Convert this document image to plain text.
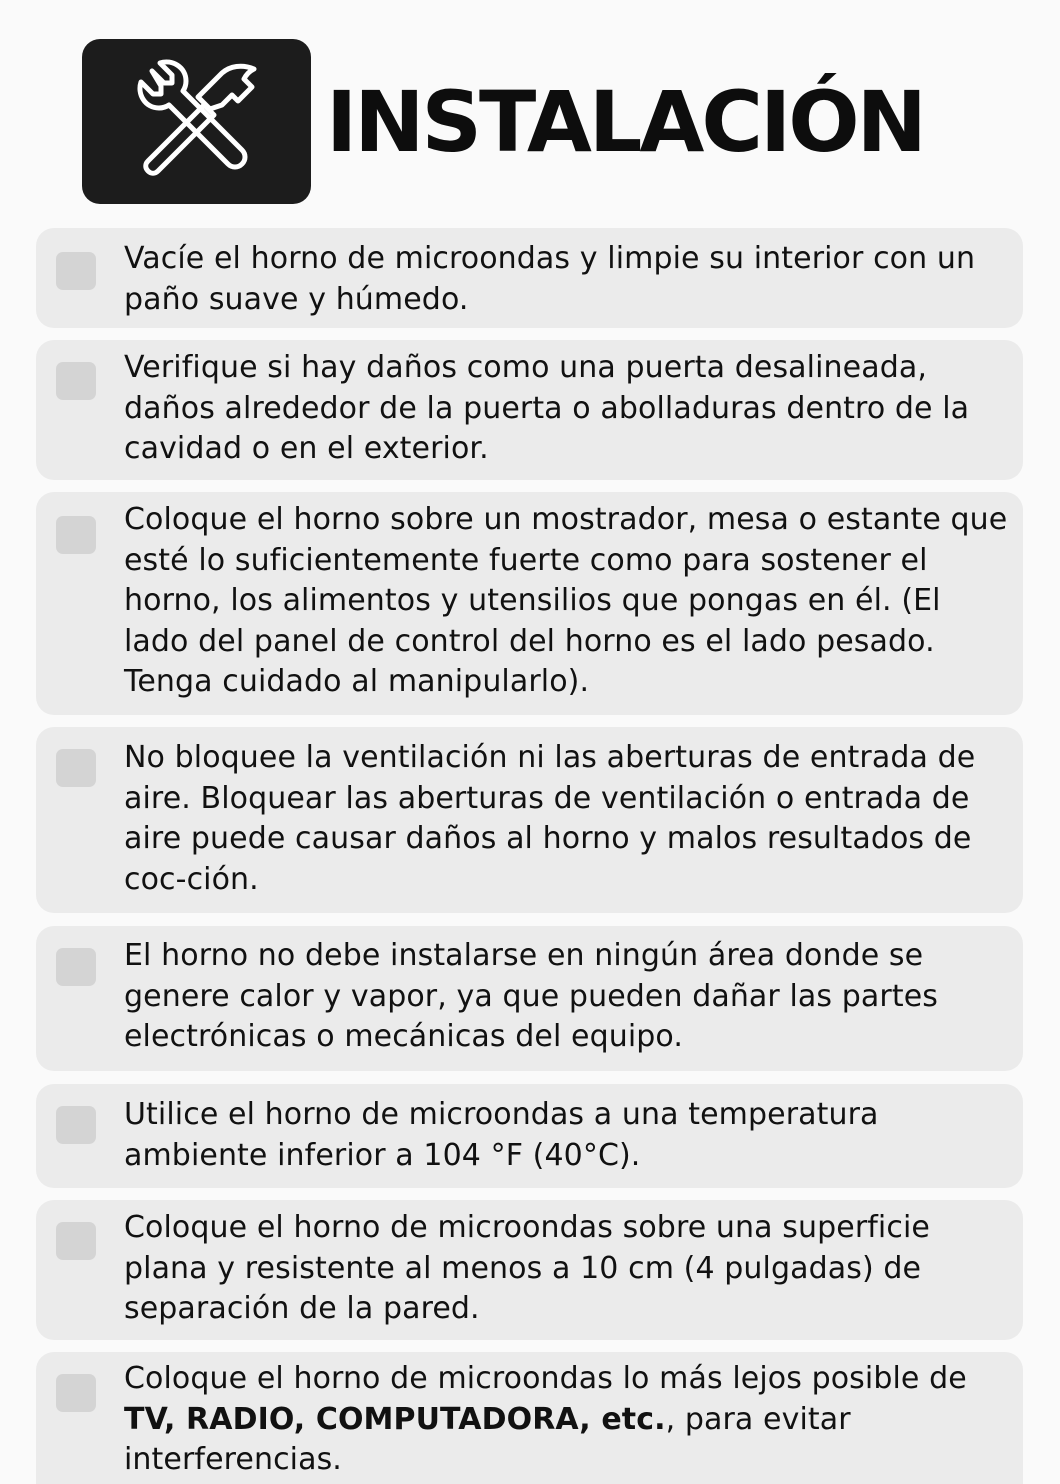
INSTALACIÓN

Vacíe el horno de microondas y limpie su interior con un paño suave y húmedo.

Verifique si hay daños como una puerta desalineada, daños alrededor de la puerta o abolladuras dentro de la cavidad o en el exterior.

Coloque el horno sobre un mostrador, mesa o estante que esté lo suficientemente fuerte como para sostener el horno, los alimentos y utensilios que pongas en él. (El lado del panel de control del horno es el lado pesado. Tenga cuidado al manipularlo).

No bloquee la ventilación ni las aberturas de entrada de aire. Bloquear las aberturas de ventilación o entrada de aire puede causar daños al horno y malos resultados de coc-ción.

El horno no debe instalarse en ningún área donde se genere calor y vapor, ya que pueden dañar las partes electrónicas o mecánicas del equipo.

Utilice el horno de microondas a una temperatura ambiente inferior a 104 °F (40°C).

Coloque el horno de microondas sobre una superficie plana y resistente al menos a 10 cm (4 pulgadas) de separación de la pared.

Coloque el horno de microondas lo más lejos posible de TV, RADIO, COMPUTADORA, etc., para evitar interferencias.
